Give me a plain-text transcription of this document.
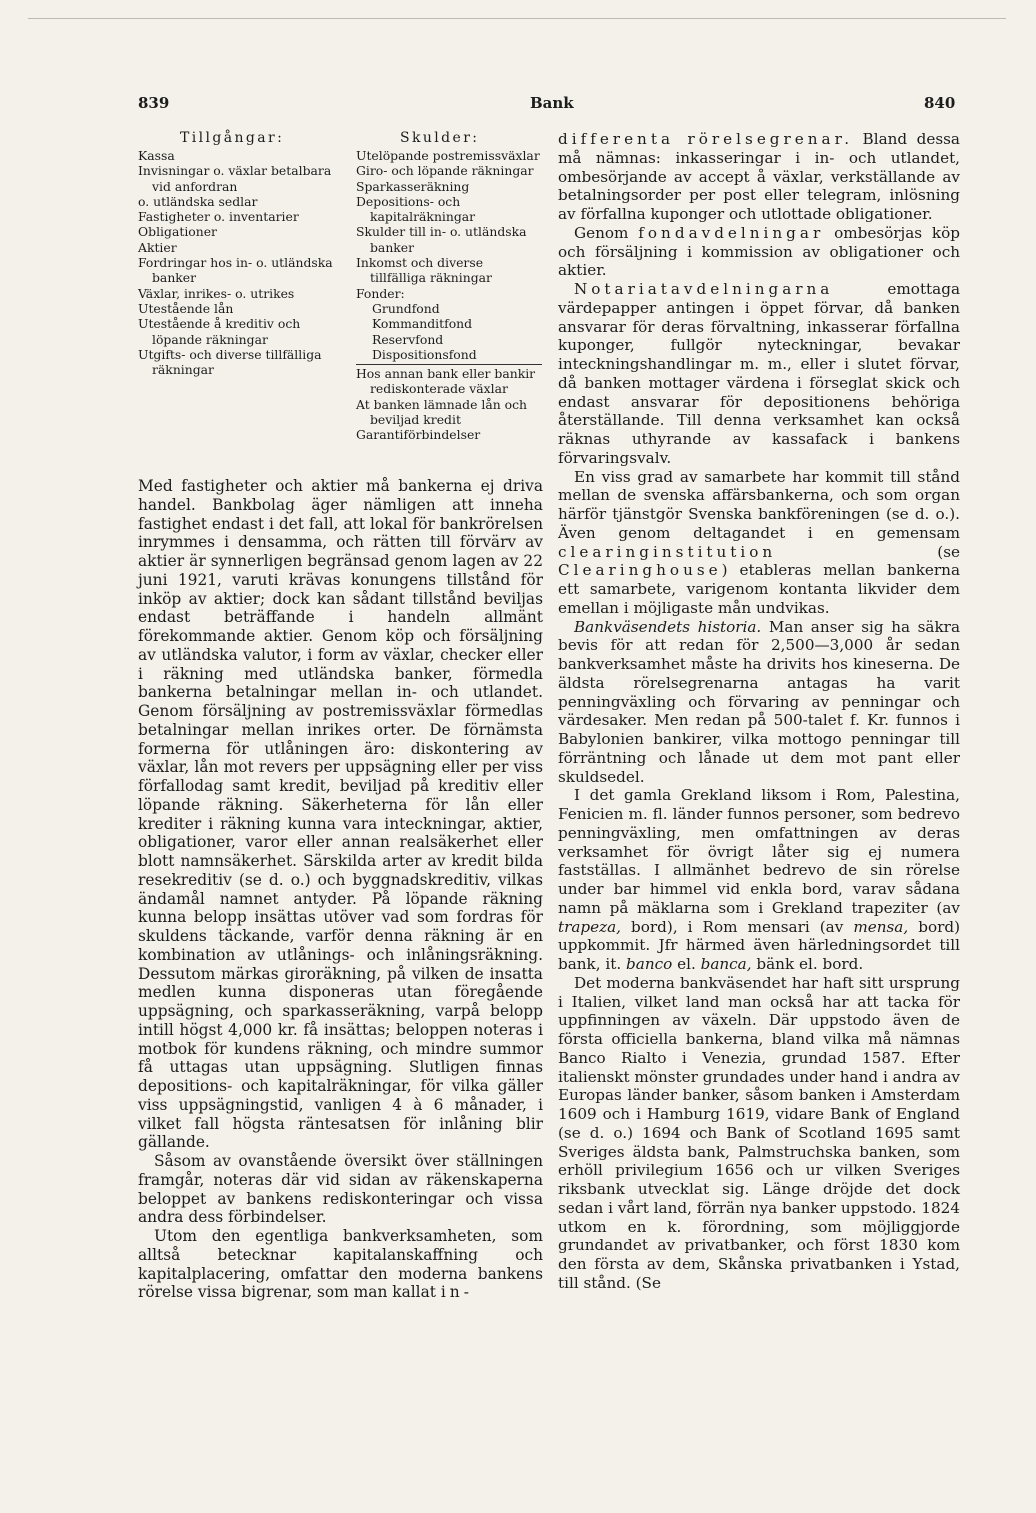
839	Bank	840
Tillgångar:
Kassa
Invisningar o. växlar betalbara vid anfordran
o. utländska sedlar
Fastigheter o. inventarier
Obligationer
Aktier
Fordringar hos in- o. utländska banker
Växlar, inrikes- o. utrikes
Utestående lån
Utestående å kreditiv och löpande räkningar
Utgifts- och diverse tillfälliga räkningar
Skulder:
Utelöpande postremissväxlar
Giro- och löpande räkningar
Sparkasseräkning
Depositions- och kapitalräkningar
Skulder till in- o. utländska banker
Inkomst och diverse tillfälliga räkningar
Fonder:
Grundfond
Kommanditfond
Reservfond
Dispositionsfond
Hos annan bank eller bankir rediskonterade växlar
At banken lämnade lån och beviljad kredit
Garantiförbindelser

Med fastigheter och aktier må bankerna ej driva handel. Bankbolag äger nämligen att inneha fastighet endast i det fall, att lokal för bankrörelsen inrymmes i densamma, och rätten till förvärv av aktier är synnerligen begränsad genom lagen av 22 juni 1921, varuti krävas konungens tillstånd för inköp av aktier; dock kan sådant tillstånd beviljas endast beträffande i handeln allmänt förekommande aktier. Genom köp och försäljning av utländska valutor, i form av växlar, checker eller i räkning med utländska banker, förmedla bankerna betalningar mellan in- och utlandet. Genom försäljning av postremissväxlar förmedlas betalningar mellan inrikes orter. De förnämsta formerna för utlåningen äro: diskontering av växlar, lån mot revers per uppsägning eller per viss förfallodag samt kredit, beviljad på kreditiv eller löpande räkning. Säkerheterna för lån eller krediter i räkning kunna vara inteckningar, aktier, obligationer, varor eller annan realsäkerhet eller blott namnsäkerhet. Särskilda arter av kredit bilda resekreditiv (se d. o.) och byggnadskreditiv, vilkas ändamål namnet antyder. På löpande räkning kunna belopp insättas utöver vad som fordras för skuldens täckande, varför denna räkning är en kombination av utlånings- och inlåningsräkning. Dessutom märkas giroräkning, på vilken de insatta medlen kunna disponeras utan föregående uppsägning, och sparkasseräkning, varpå belopp intill högst 4,000 kr. få insättas; beloppen noteras i motbok för kundens räkning, och mindre summor få uttagas utan uppsägning. Slutligen finnas depositions- och kapitalräkningar, för vilka gäller viss uppsägningstid, vanligen 4 à 6 månader, i vilket fall högsta räntesatsen för inlåning blir gällande.

Såsom av ovanstående översikt över ställningen framgår, noteras där vid sidan av räkenskaperna beloppet av bankens rediskonteringar och vissa andra dess förbindelser.

Utom den egentliga bankverksamheten, som alltså betecknar kapitalanskaffning och kapitalplacering, omfattar den moderna bankens rörelse vissa bigrenar, som man kallat in-

differenta rörelsegrenar. Bland dessa må nämnas: inkasseringar i in- och utlandet, ombesörjande av accept å växlar, verkställande av betalningsorder per post eller telegram, inlösning av förfallna kuponger och utlottade obligationer.

Genom fondavdelningar ombesörjas köp och försäljning i kommission av obligationer och aktier.

Notariatavdelningarna emottaga värdepapper antingen i öppet förvar, då banken ansvarar för deras förvaltning, inkasserar förfallna kuponger, fullgör nyteckningar, bevakar inteckningshandlingar m. m., eller i slutet förvar, då banken mottager värdena i förseglat skick och endast ansvarar för depositionens behöriga återställande. Till denna verksamhet kan också räknas uthyrande av kassafack i bankens förvaringsvalv.

En viss grad av samarbete har kommit till stånd mellan de svenska affärsbankerna, och som organ härför tjänstgör Svenska bankföreningen (se d. o.). Även genom deltagandet i en gemensam clearinginstitution (se Clearinghouse) etableras mellan bankerna ett samarbete, varigenom kontanta likvider dem emellan i möjligaste mån undvikas.

Bankväsendets historia. Man anser sig ha säkra bevis för att redan för 2,500—3,000 år sedan bankverksamhet måste ha drivits hos kineserna. De äldsta rörelsegrenarna antagas ha varit penningväxling och förvaring av penningar och värdesaker. Men redan på 500-talet f. Kr. funnos i Babylonien bankirer, vilka mottogo penningar till förräntning och lånade ut dem mot pant eller skuldsedel.

I det gamla Grekland liksom i Rom, Palestina, Fenicien m. fl. länder funnos personer, som bedrevo penningväxling, men omfattningen av deras verksamhet för övrigt låter sig ej numera fastställas. I allmänhet bedrevo de sin rörelse under bar himmel vid enkla bord, varav sådana namn på mäklarna som i Grekland trapeziter (av trapeza, bord), i Rom mensari (av mensa, bord) uppkommit. Jfr härmed även härledningsordet till bank, it. banco el. banca, bänk el. bord.

Det moderna bankväsendet har haft sitt ursprung i Italien, vilket land man också har att tacka för uppfinningen av växeln. Där uppstodo även de första officiella bankerna, bland vilka må nämnas Banco Rialto i Venezia, grundad 1587. Efter italienskt mönster grundades under hand i andra av Europas länder banker, såsom banken i Amsterdam 1609 och i Hamburg 1619, vidare Bank of England (se d. o.) 1694 och Bank of Scotland 1695 samt Sveriges äldsta bank, Palmstruchska banken, som erhöll privilegium 1656 och ur vilken Sveriges riksbank utvecklat sig. Länge dröjde det dock sedan i vårt land, förrän nya banker uppstodo. 1824 utkom en k. förordning, som möjliggjorde grundandet av privatbanker, och först 1830 kom den första av dem, Skånska privatbanken i Ystad, till stånd. (Se
